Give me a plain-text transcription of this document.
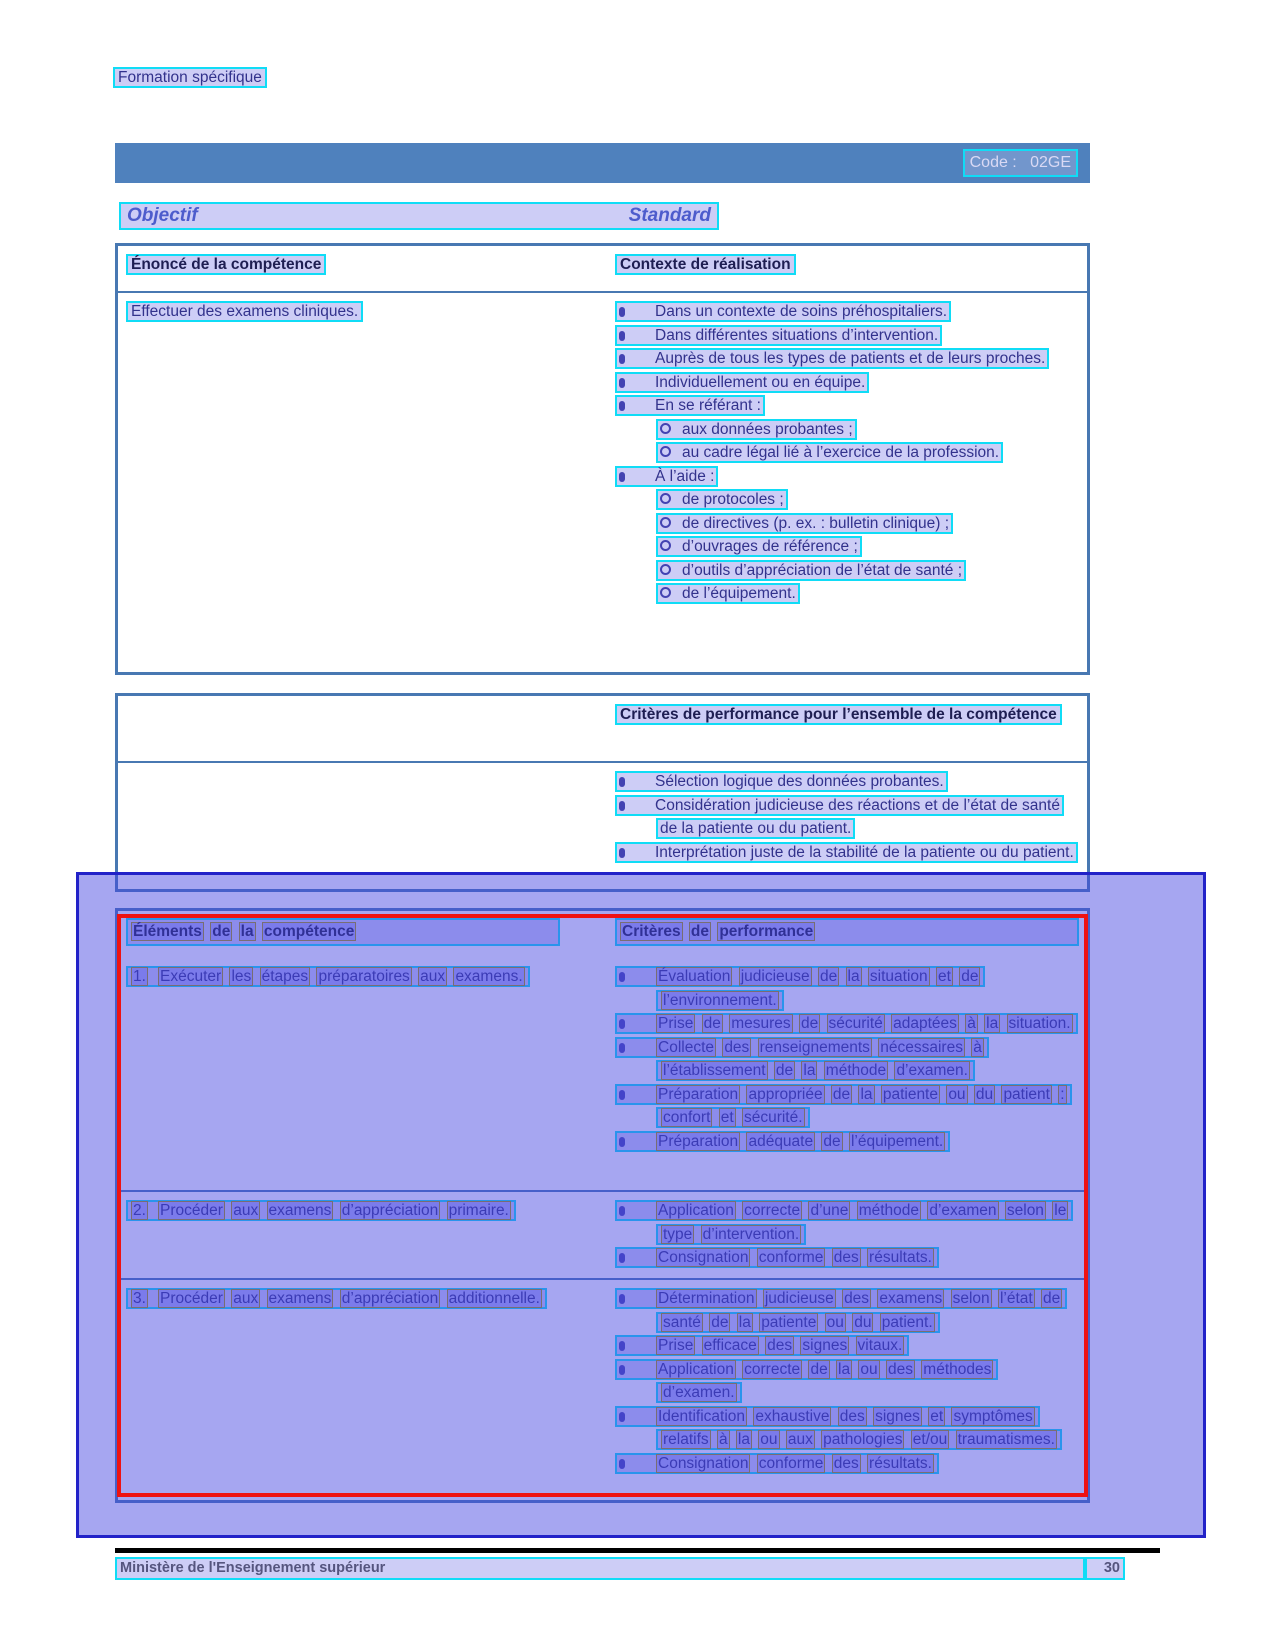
Formation spécifique
Code :   02GE
Objectif	Standard
Énoncé de la compétence	Contexte de réalisation
Effectuer des examens cliniques.	Dans un contexte de soins préhospitaliers.
Dans différentes situations d’intervention.
Auprès de tous les types de patients et de leurs proches.
Individuellement ou en équipe.
En se référant :
aux données probantes ;
au cadre légal lié à l’exercice de la profession.
À l’aide :
de protocoles ;
de directives (p. ex. : bulletin clinique) ;
d’ouvrages de référence ;
d’outils d’appréciation de l’état de santé ;
de l’équipement.
Critères de performance pour l’ensemble de la compétence
Sélection logique des données probantes.
Considération judicieuse des réactions et de l’état de santé de la patiente ou du patient.
Interprétation juste de la stabilité de la patiente ou du patient.
Éléments de la compétence	Critères de performance
1. Exécuter les étapes préparatoires aux examens.	Évaluation judicieuse de la situation et de l’environnement.
Prise de mesures de sécurité adaptées à la situation.
Collecte des renseignements nécessaires à l’établissement de la méthode d’examen.
Préparation appropriée de la patiente ou du patient : confort et sécurité.
Préparation adéquate de l’équipement.
2. Procéder aux examens d’appréciation primaire.	Application correcte d’une méthode d’examen selon le type d’intervention.
Consignation conforme des résultats.
3. Procéder aux examens d’appréciation additionnelle.	Détermination judicieuse des examens selon l’état de santé de la patiente ou du patient.
Prise efficace des signes vitaux.
Application correcte de la ou des méthodes d’examen.
Identification exhaustive des signes et symptômes relatifs à la ou aux pathologies et/ou traumatismes.
Consignation conforme des résultats.
Ministère de l'Enseignement supérieur	30
